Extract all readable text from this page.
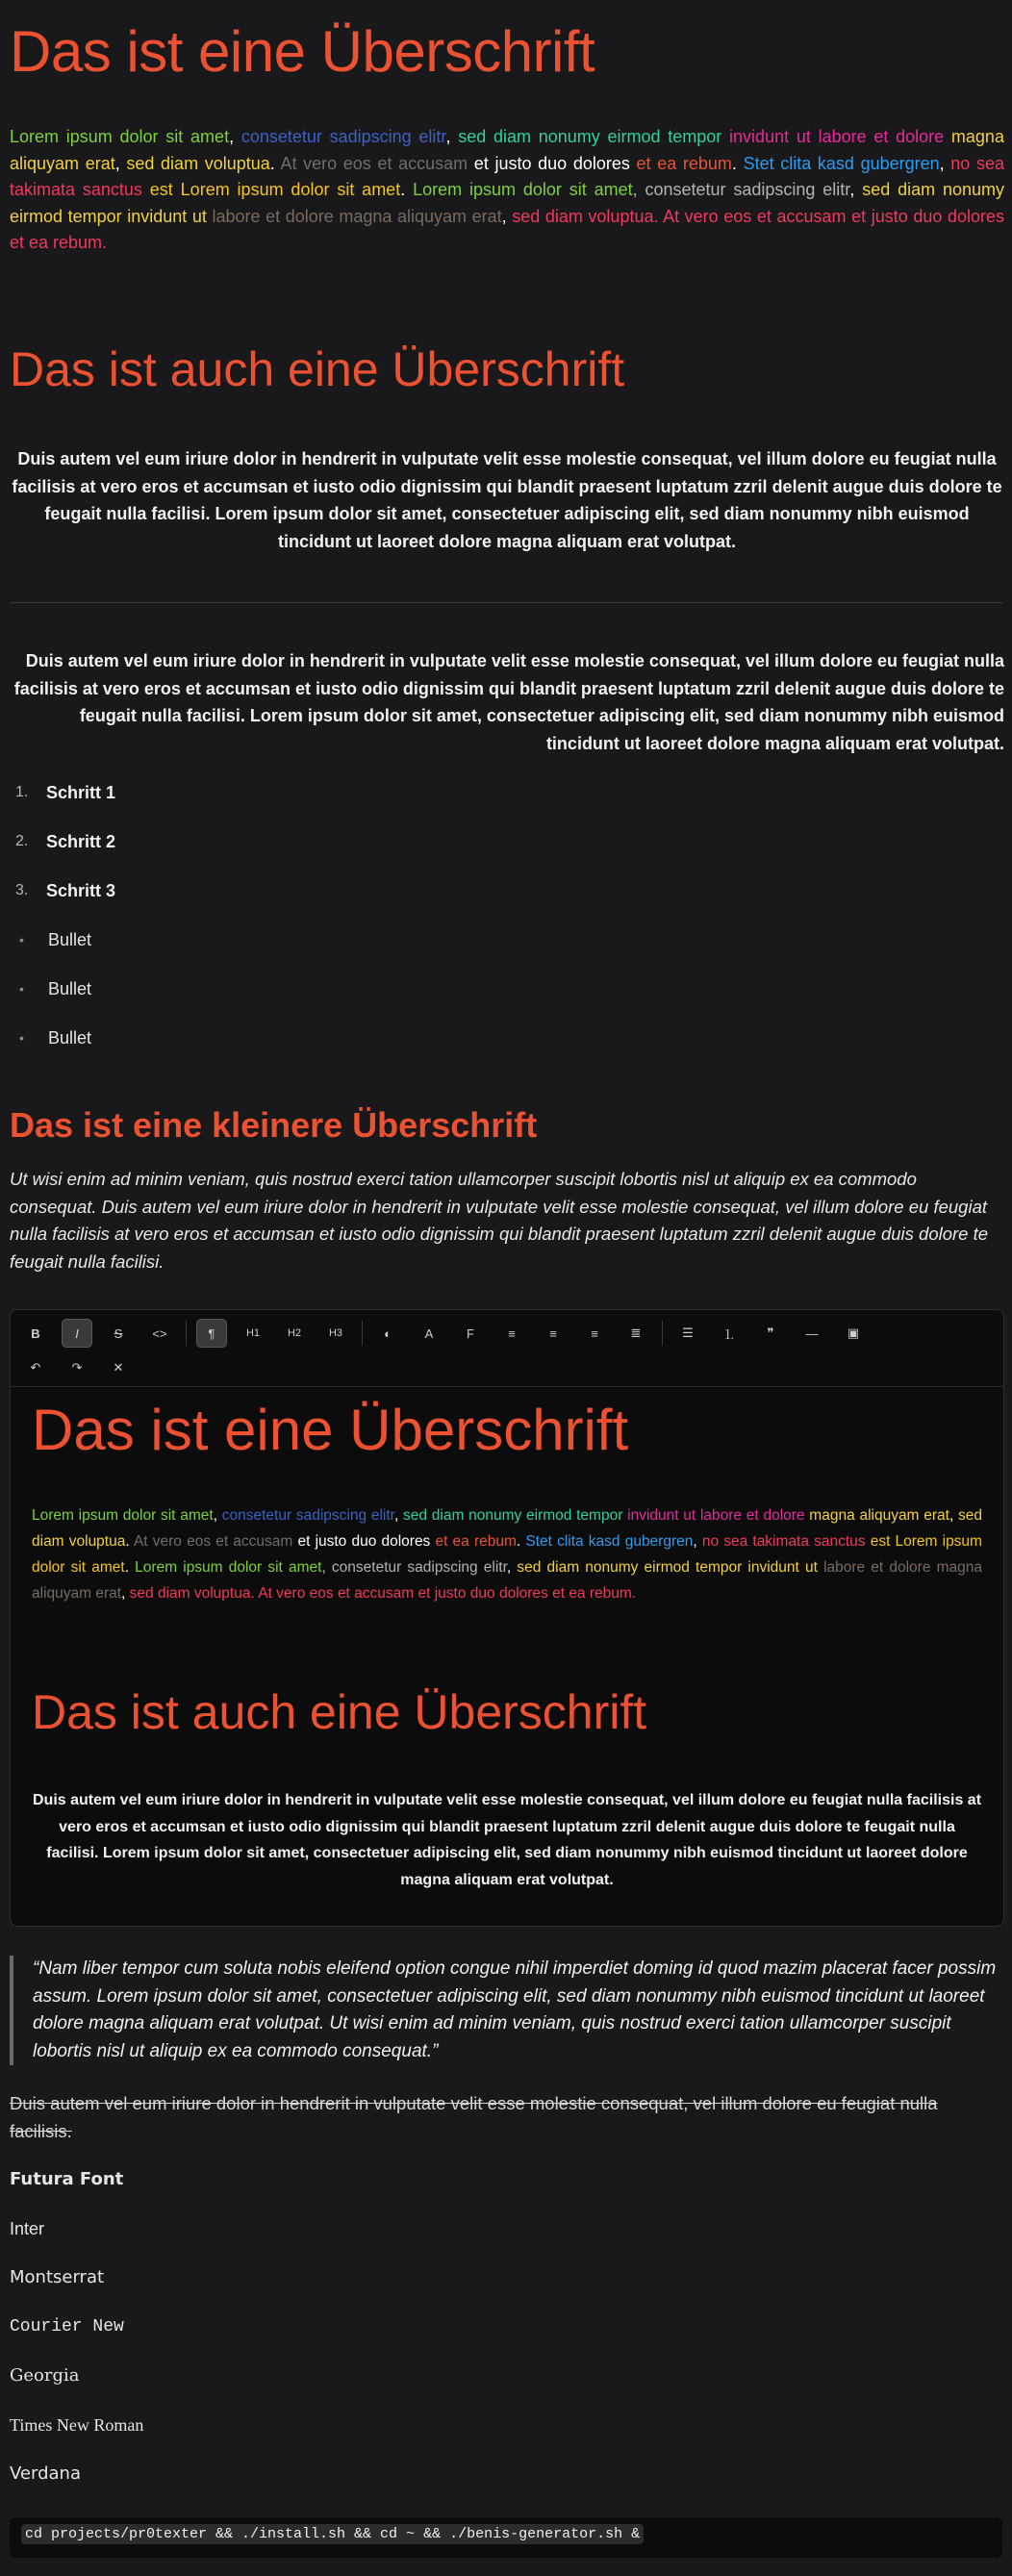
Das ist eine Überschrift
Lorem ipsum dolor sit amet, consetetur sadipscing elitr, sed diam nonumy eirmod tempor invidunt ut labore et dolore magna aliquyam erat, sed diam voluptua. At vero eos et accusam et justo duo dolores et ea rebum. Stet clita kasd gubergren, no sea takimata sanctus est Lorem ipsum dolor sit amet. Lorem ipsum dolor sit amet, consetetur sadipscing elitr, sed diam nonumy eirmod tempor invidunt ut labore et dolore magna aliquyam erat, sed diam voluptua. At vero eos et accusam et justo duo dolores et ea rebum.
Das ist auch eine Überschrift
Duis autem vel eum iriure dolor in hendrerit in vulputate velit esse molestie consequat, vel illum dolore eu feugiat nulla facilisis at vero eros et accumsan et iusto odio dignissim qui blandit praesent luptatum zzril delenit augue duis dolore te feugait nulla facilisi. Lorem ipsum dolor sit amet, consectetuer adipiscing elit, sed diam nonummy nibh euismod tincidunt ut laoreet dolore magna aliquam erat volutpat.
Duis autem vel eum iriure dolor in hendrerit in vulputate velit esse molestie consequat, vel illum dolore eu feugiat nulla facilisis at vero eros et accumsan et iusto odio dignissim qui blandit praesent luptatum zzril delenit augue duis dolore te feugait nulla facilisi. Lorem ipsum dolor sit amet, consectetuer adipiscing elit, sed diam nonummy nibh euismod tincidunt ut laoreet dolore magna aliquam erat volutpat.
1.	Schritt 1
2.	Schritt 2
3.	Schritt 3
•	Bullet
•	Bullet
•	Bullet
Das ist eine kleinere Überschrift
Ut wisi enim ad minim veniam, quis nostrud exerci tation ullamcorper suscipit lobortis nisl ut aliquip ex ea commodo consequat. Duis autem vel eum iriure dolor in hendrerit in vulputate velit esse molestie consequat, vel illum dolore eu feugiat nulla facilisis at vero eros et accumsan et iusto odio dignissim qui blandit praesent luptatum zzril delenit augue duis dolore te feugait nulla facilisi.
B	I	S <>	¶	H1	H2	H3	◐	A	F	≡	≡	≡	≣	☰ ⒈	❞	— ▣
↶ ↷ ✕
Das ist eine Überschrift
Lorem ipsum dolor sit amet, consetetur sadipscing elitr, sed diam nonumy eirmod tempor invidunt ut labore et dolore magna aliquyam erat, sed diam voluptua. At vero eos et accusam et justo duo dolores et ea rebum. Stet clita kasd gubergren, no sea takimata sanctus est Lorem ipsum dolor sit amet. Lorem ipsum dolor sit amet, consetetur sadipscing elitr, sed diam nonumy eirmod tempor invidunt ut labore et dolore magna aliquyam erat, sed diam voluptua. At vero eos et accusam et justo duo dolores et ea rebum.
Das ist auch eine Überschrift
Duis autem vel eum iriure dolor in hendrerit in vulputate velit esse molestie consequat, vel illum dolore eu feugiat nulla facilisis at vero eros et accumsan et iusto odio dignissim qui blandit praesent luptatum zzril delenit augue duis dolore te feugait nulla facilisi. Lorem ipsum dolor sit amet, consectetuer adipiscing elit, sed diam nonummy nibh euismod tincidunt ut laoreet dolore magna aliquam erat volutpat.
“Nam liber tempor cum soluta nobis eleifend option congue nihil imperdiet doming id quod mazim placerat facer possim assum. Lorem ipsum dolor sit amet, consectetuer adipiscing elit, sed diam nonummy nibh euismod tincidunt ut laoreet dolore magna aliquam erat volutpat. Ut wisi enim ad minim veniam, quis nostrud exerci tation ullamcorper suscipit lobortis nisl ut aliquip ex ea commodo consequat.”
Duis autem vel eum iriure dolor in hendrerit in vulputate velit esse molestie consequat, vel illum dolore eu feugiat nulla facilisis.
Futura Font
Inter
Montserrat
Courier New
Georgia
Times New Roman
Verdana
cd projects/pr0texter && ./install.sh && cd ~ && ./benis-generator.sh &
